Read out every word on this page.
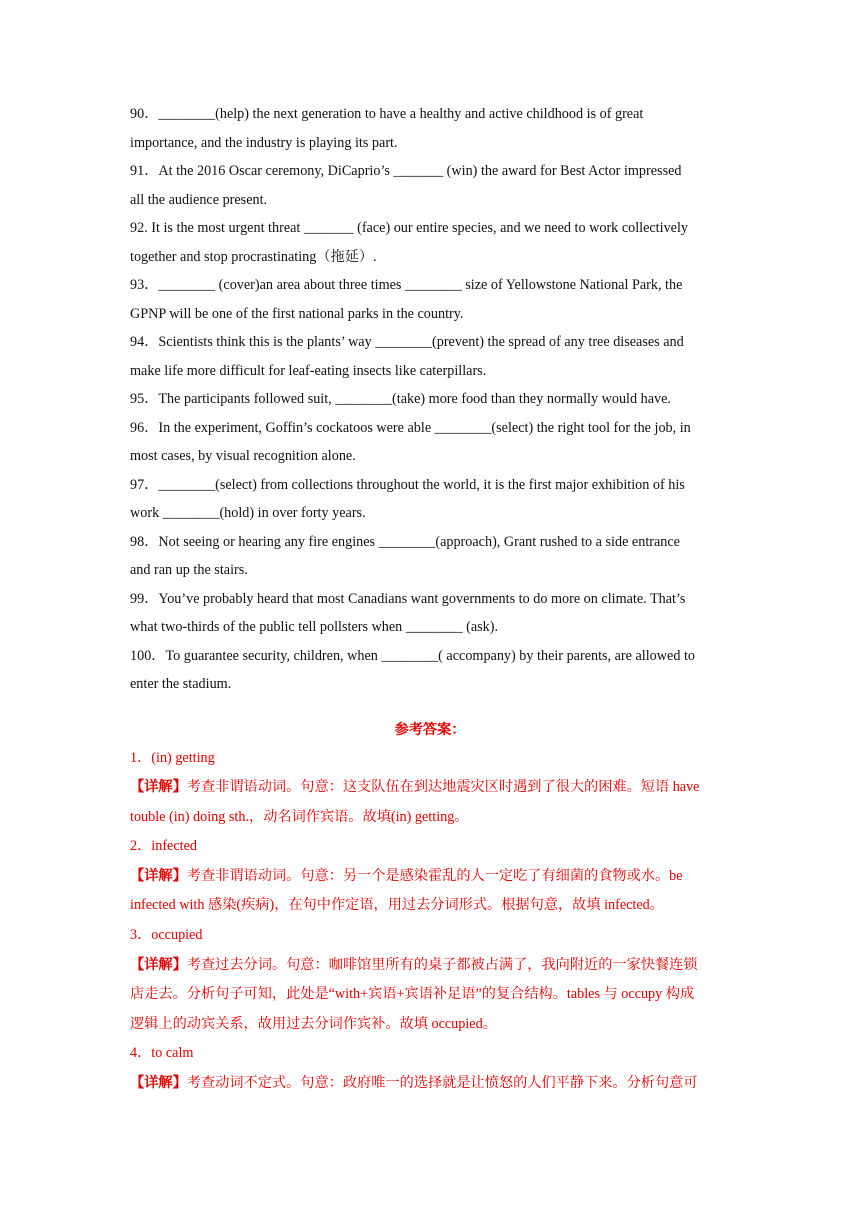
90．________(help) the next generation to have a healthy and active childhood is of great
importance, and the industry is playing its part.
91．At the 2016 Oscar ceremony, DiCaprio’s _______ (win) the award for Best Actor impressed
all the audience present.
92. It is the most urgent threat _______ (face) our entire species, and we need to work collectively
together and stop procrastinating（拖延）.
93．________ (cover)an area about three times ________ size of Yellowstone National Park, the
GPNP will be one of the first national parks in the country.
94．Scientists think this is the plants’ way ________(prevent) the spread of any tree diseases and
make life more difficult for leaf-eating insects like caterpillars.
95．The participants followed suit, ________(take) more food than they normally would have.
96．In the experiment, Goffin’s cockatoos were able ________(select) the right tool for the job, in
most cases, by visual recognition alone.
97．________(select) from collections throughout the world, it is the first major exhibition of his
work ________(hold) in over forty years.
98．Not seeing or hearing any fire engines ________(approach), Grant rushed to a side entrance
and ran up the stairs.
99．You’ve probably heard that most Canadians want governments to do more on climate. That’s
what two-thirds of the public tell pollsters when ________ (ask).
100．To guarantee security, children, when ________( accompany) by their parents, are allowed to
enter the stadium.
参考答案：
1．(in) getting
【详解】考查非谓语动词。句意：这支队伍在到达地震灾区时遇到了很大的困难。短语 have
touble (in) doing sth.，动名词作宾语。故填(in) getting。
2．infected
【详解】考查非谓语动词。句意：另一个是感染霍乱的人一定吃了有细菌的食物或水。be
infected with 感染(疾病)，在句中作定语，用过去分词形式。根据句意，故填 infected。
3．occupied
【详解】考查过去分词。句意：咖啡馆里所有的桌子都被占满了，我向附近的一家快餐连锁
店走去。分析句子可知，此处是“with+宾语+宾语补足语”的复合结构。tables 与 occupy 构成
逻辑上的动宾关系，故用过去分词作宾补。故填 occupied。
4．to calm
【详解】考查动词不定式。句意：政府唯一的选择就是让愤怒的人们平静下来。分析句意可
